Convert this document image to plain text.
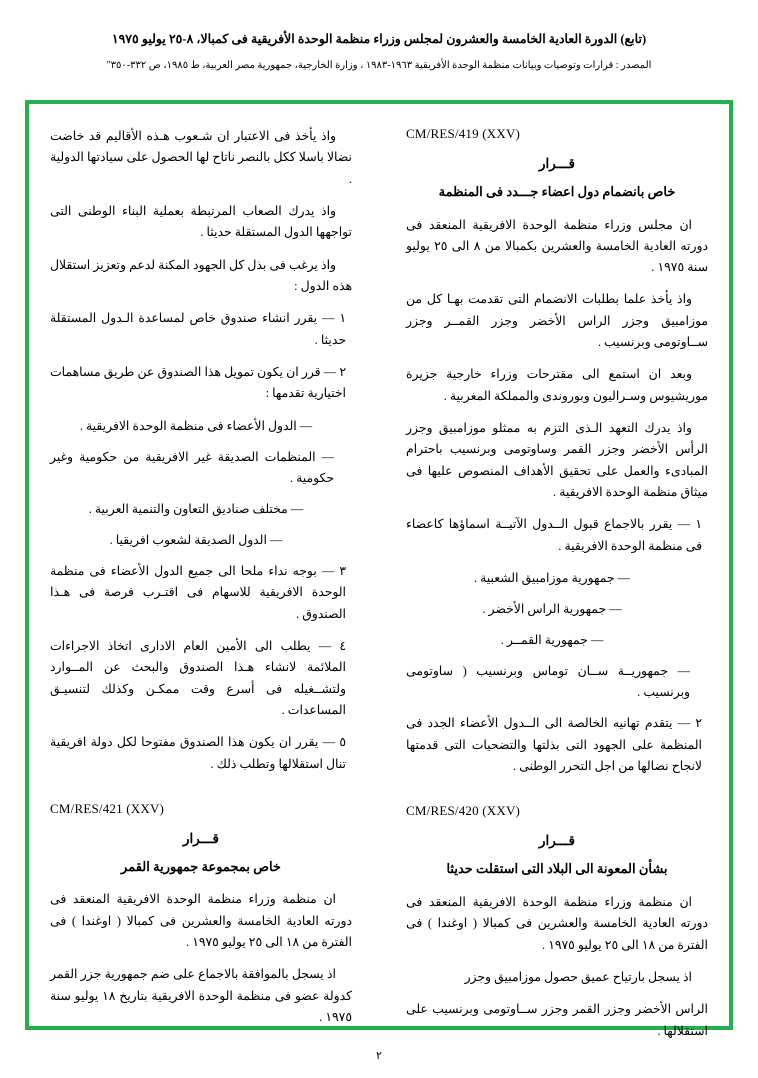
(تابع) الدورة العادية الخامسة والعشرون لمجلس وزراء منظمة الوحدة الأفريقية فى كمبالا، ٨-٢٥ يوليو ١٩٧٥
المصدر : قرارات وتوصيات وبيانات منظمة الوحدة الأفريقية ١٩٦٣-١٩٨٣ ، وزارة الخارجية، جمهورية مصر العربية، ط ١٩٨٥، ص ٣٣٢-٣٥٠"
CM/RES/419 (XXV)
قـــرار
خاص بانضمام دول اعضاء جـــدد فى المنظمة

ان مجلس وزراء منظمة الوحدة الافريقية المنعقد فى دورته العادية الخامسة والعشرين بكمبالا من ٨ الى ٢٥ يوليو سنة ١٩٧٥ .

واذ يأخذ علما بطلبات الانضمام التى تقدمت بهـا كل من موزامبيق وجزر الراس الأخضر وجزر القمــر وجزر ســاوتومى وبرنسيب .

وبعد ان استمع الى مقترحات وزراء خارجية جزيرة موريشيوس وسـراليون وبوروندى والمملكة المغربية .

واذ يدرك التعهد الـذى التزم به ممثلو موزامبيق وجزر الرأس الأخضر وجزر القمر وساوتومى وبرنسيب باحترام المبادىء والعمل على تحقيق الأهداف المنصوص عليها فى ميثاق منظمة الوحدة الافريقية .

١ — يقرر بالاجماع قبول الــدول الآتيــة اسماؤها كاعضاء فى منظمة الوحدة الافريقية .

— جمهورية موزامبيق الشعبية .

— جمهورية الراس الأخضر .

— جمهورية القمــر .

— جمهوريــة ســان توماس وبرنسيب ( ساوتومى وبرنسيب .

٢ — يتقدم تهانيه الخالصة الى الــدول الأعضاء الجدد فى المنظمة على الجهود التى بذلتها والتضحيات التى قدمتها لانجاح نضالها من اجل التحرر الوطنى .

CM/RES/420 (XXV)
قـــرار
بشأن المعونة الى البلاد التى استقلت حديثا

ان منظمة وزراء منظمة الوحدة الافريقية المنعقد فى دورته العادية الخامسة والعشرين فى كمبالا ( اوغندا ) فى الفترة من ١٨ الى ٢٥ يوليو ١٩٧٥ .

اذ يسجل بارتياح عميق حصول موزامبيق وجزر

الراس الأخضر وجزر القمر وجزر ســاوتومى وبرنسيب على استقلالها .

واذ يأخذ فى الاعتبار ان شـعوب هـذه الأقاليم قد خاضت نضالا باسلا ككل بالنصر ناتاح لها الحصول على سيادتها الدولية .

واذ يدرك الصعاب المرتبطة بعملية البناء الوطنى التى تواجهها الدول المستقلة حديثا .

واذ يرغب فى بذل كل الجهود المكنة لدعم وتعزيز استقلال هذه الدول :

١ — يقرر انشاء صندوق خاص لمساعدة الـدول المستقلة حديثا .

٢ — قرر ان يكون تمويل هذا الصندوق عن طريق مساهمات اختيارية تقدمها :

— الدول الأعضاء فى منظمة الوحدة الافريقية .

— المنظمات الصديقة غير الافريقية من حكومية وغير حكومية .

— مختلف صناديق التعاون والتنمية العربية .

— الدول الصديقة لشعوب افريقيا .

٣ — بوجه نداء ملحا الى جميع الدول الأعضاء فى منظمة الوحدة الافريقية للاسهام فى اقتـرب فرصة فى هـذا الصندوق .

٤ — يطلب الى الأمين العام الادارى اتخاذ الاجراءات الملائمة لانشاء هـذا الصندوق والبحث عن المــوارد ولتشــغيله فى أسرع وقت ممكـن وكذلك لتنسيـق المساعدات .

٥ — يقرر ان يكون هذا الصندوق مفتوحا لكل دولة افريقية تنال استقلالها وتطلب ذلك .

CM/RES/421 (XXV)
قـــرار
خاص بمجموعة جمهورية القمر

ان منظمة وزراء منظمة الوحدة الافريقية المنعقد فى دورته العادية الخامسة والعشرين فى كمبالا ( اوغندا ) فى الفترة من ١٨ الى ٢٥ يوليو ١٩٧٥ .

اذ يسجل بالموافقة بالاجماع على ضم جمهورية جزر القمر كدولة عضو فى منظمة الوحدة الافريقية بتاريخ ١٨ يوليو سنة ١٩٧٥ .

٢
